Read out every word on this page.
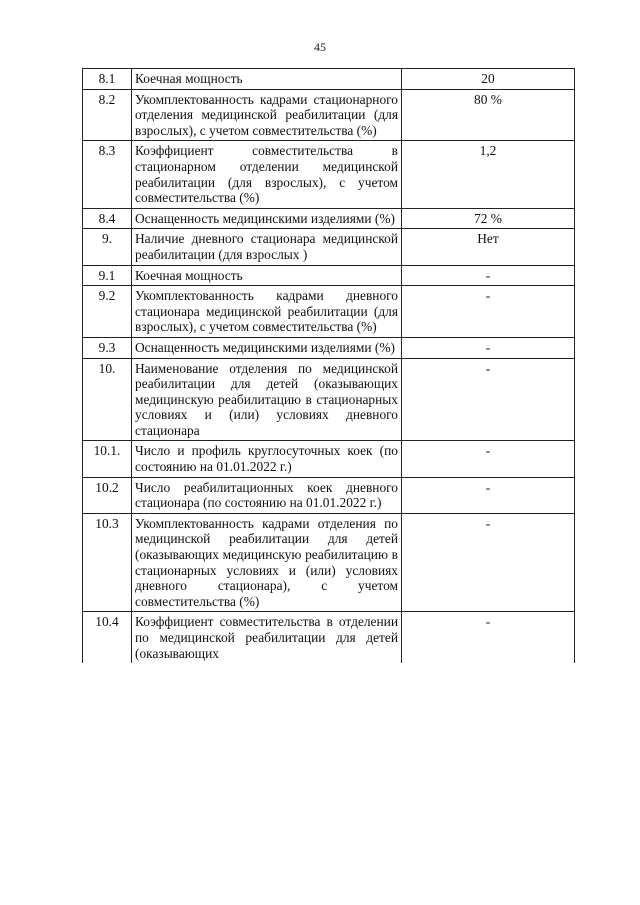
45
8.1	Коечная мощность	20
8.2	Укомплектованность кадрами стационарного отделения медицинской реабилитации (для взрослых), с учетом совместительства (%)	80 %
8.3	Коэффициент совместительства в стационарном отделении медицинской реабилитации (для взрослых), с учетом совместительства (%)	1,2
8.4	Оснащенность медицинскими изделиями (%)	72 %
9.	Наличие дневного стационара медицинской реабилитации (для взрослых )	Нет
9.1	Коечная мощность	-
9.2	Укомплектованность кадрами дневного стационара медицинской реабилитации (для взрослых), с учетом совместительства (%)	-
9.3	Оснащенность медицинскими изделиями (%)	-
10.	Наименование отделения по медицинской реабилитации для детей (оказывающих медицинскую реабилитацию в стационарных условиях и (или) условиях дневного стационара	-
10.1.	Число и профиль круглосуточных коек (по состоянию на 01.01.2022 г.)	-
10.2	Число реабилитационных коек дневного стационара (по состоянию на 01.01.2022 г.)	-
10.3	Укомплектованность кадрами отделения по медицинской реабилитации для детей (оказывающих медицинскую реабилитацию в стационарных условиях и (или) условиях дневного стационара), с учетом совместительства (%)	-
10.4	Коэффициент совместительства в отделении по медицинской реабилитации для детей (оказывающих	-
